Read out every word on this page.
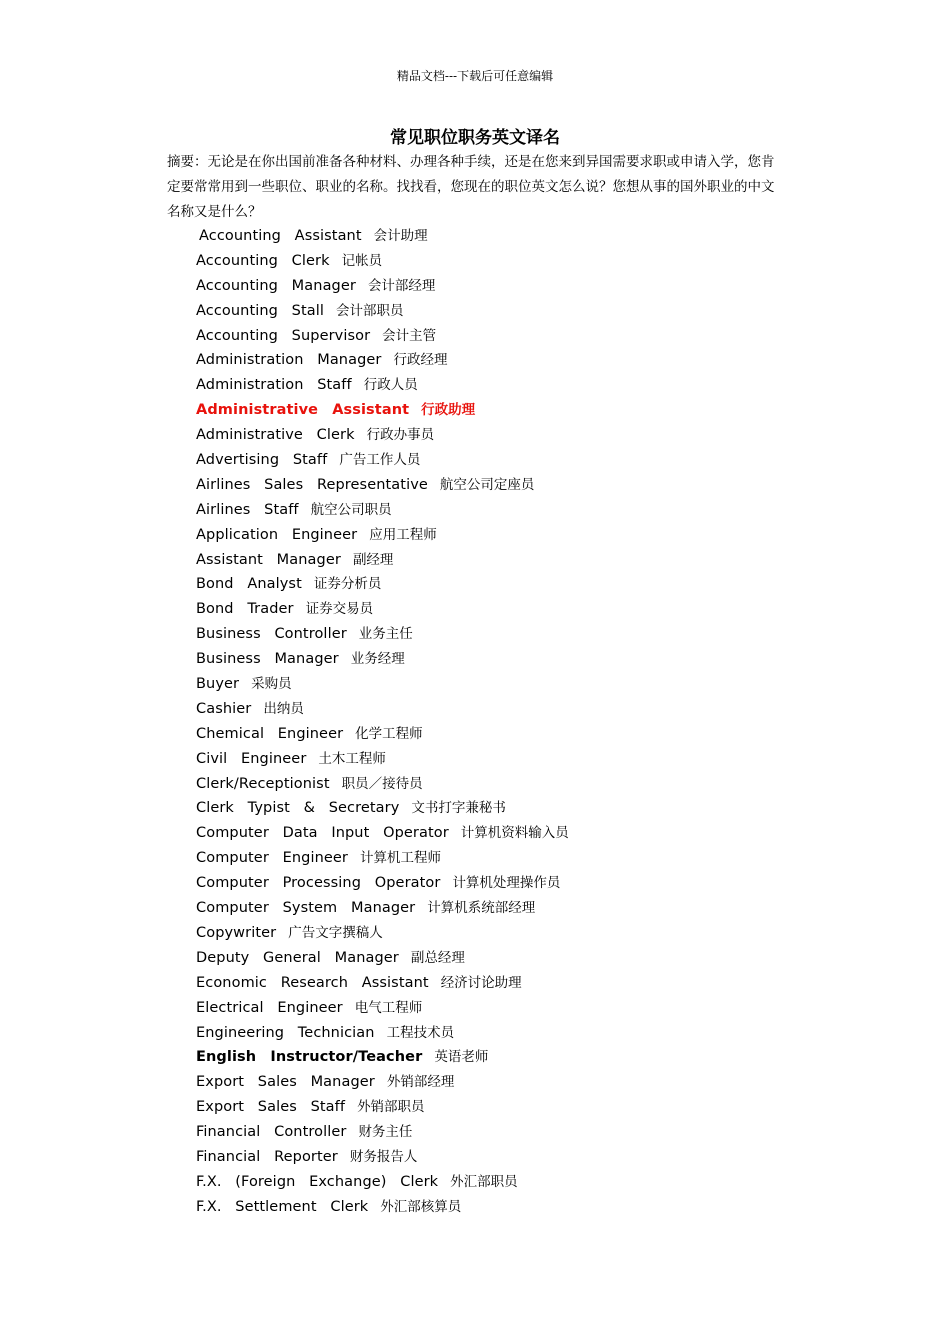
精品文档---下载后可任意编辑
常见职位职务英文译名

摘要：无论是在你出国前准备各种材料、办理各种手续，还是在您来到异国需要求职或申请入学，您肯定要常常用到一些职位、职业的名称。找找看，您现在的职位英文怎么说？您想从事的国外职业的中文名称又是什么？

Accounting Assistant 会计助理
Accounting Clerk 记帐员
Accounting Manager 会计部经理
Accounting Stall 会计部职员
Accounting Supervisor 会计主管
Administration Manager 行政经理
Administration Staff 行政人员
Administrative Assistant 行政助理
Administrative Clerk 行政办事员
Advertising Staff 广告工作人员
Airlines Sales Representative 航空公司定座员
Airlines Staff 航空公司职员
Application Engineer 应用工程师
Assistant Manager 副经理
Bond Analyst 证券分析员
Bond Trader 证券交易员
Business Controller 业务主任
Business Manager 业务经理
Buyer 采购员
Cashier 出纳员
Chemical Engineer 化学工程师
Civil Engineer 土木工程师
Clerk/Receptionist 职员／接待员
Clerk Typist & Secretary 文书打字兼秘书
Computer Data Input Operator 计算机资料输入员
Computer Engineer 计算机工程师
Computer Processing Operator 计算机处理操作员
Computer System Manager 计算机系统部经理
Copywriter 广告文字撰稿人
Deputy General Manager 副总经理
Economic Research Assistant 经济讨论助理
Electrical Engineer 电气工程师
Engineering Technician 工程技术员
English Instructor/Teacher 英语老师
Export Sales Manager 外销部经理
Export Sales Staff 外销部职员
Financial Controller 财务主任
Financial Reporter 财务报告人
F.X. (Foreign Exchange) Clerk 外汇部职员
F.X. Settlement Clerk 外汇部核算员
